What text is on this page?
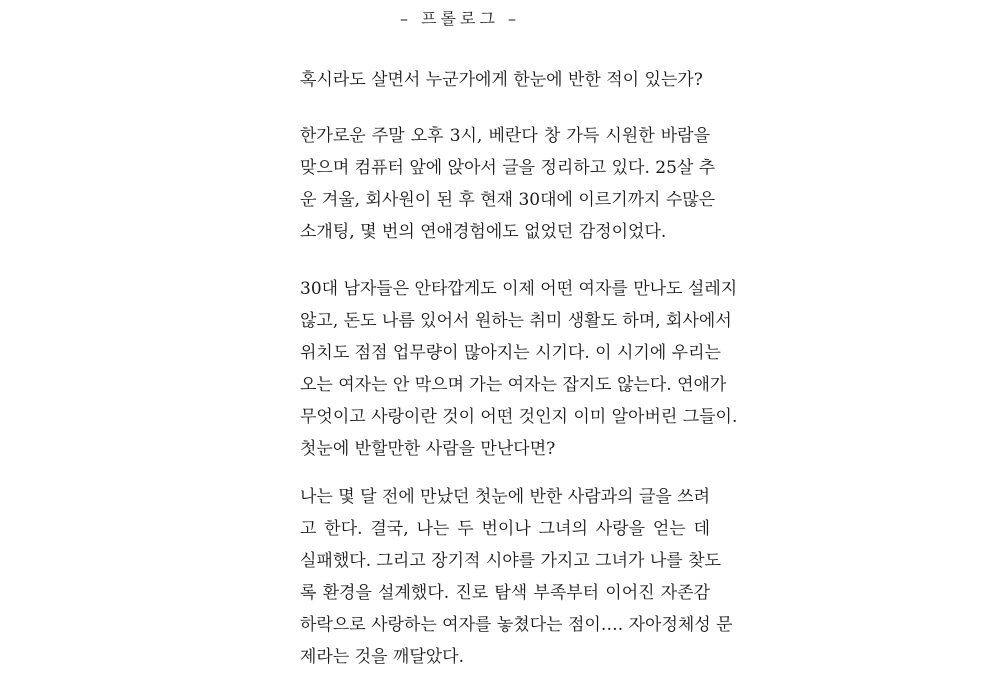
– 프롤로그 –
혹시라도 살면서 누군가에게 한눈에 반한 적이 있는가?
한가로운 주말 오후 3시, 베란다 창 가득 시원한 바람을
맞으며 컴퓨터 앞에 앉아서 글을 정리하고 있다. 25살 추
운 겨울, 회사원이 된 후 현재 30대에 이르기까지 수많은
소개팅, 몇 번의 연애경험에도 없었던 감정이었다.
30대 남자들은 안타깝게도 이제 어떤 여자를 만나도 설레지
않고, 돈도 나름 있어서 원하는 취미 생활도 하며, 회사에서
위치도 점점 업무량이 많아지는 시기다. 이 시기에 우리는
오는 여자는 안 막으며 가는 여자는 잡지도 않는다. 연애가
무엇이고 사랑이란 것이 어떤 것인지 이미 알아버린 그들이.
첫눈에 반할만한 사람을 만난다면?
나는 몇 달 전에 만났던 첫눈에 반한 사람과의 글을 쓰려
고 한다. 결국, 나는 두 번이나 그녀의 사랑을 얻는 데
실패했다. 그리고 장기적 시야를 가지고 그녀가 나를 찾도
록 환경을 설계했다. 진로 탐색 부족부터 이어진 자존감
하락으로 사랑하는 여자를 놓쳤다는 점이…. 자아정체성 문
제라는 것을 깨달았다.
